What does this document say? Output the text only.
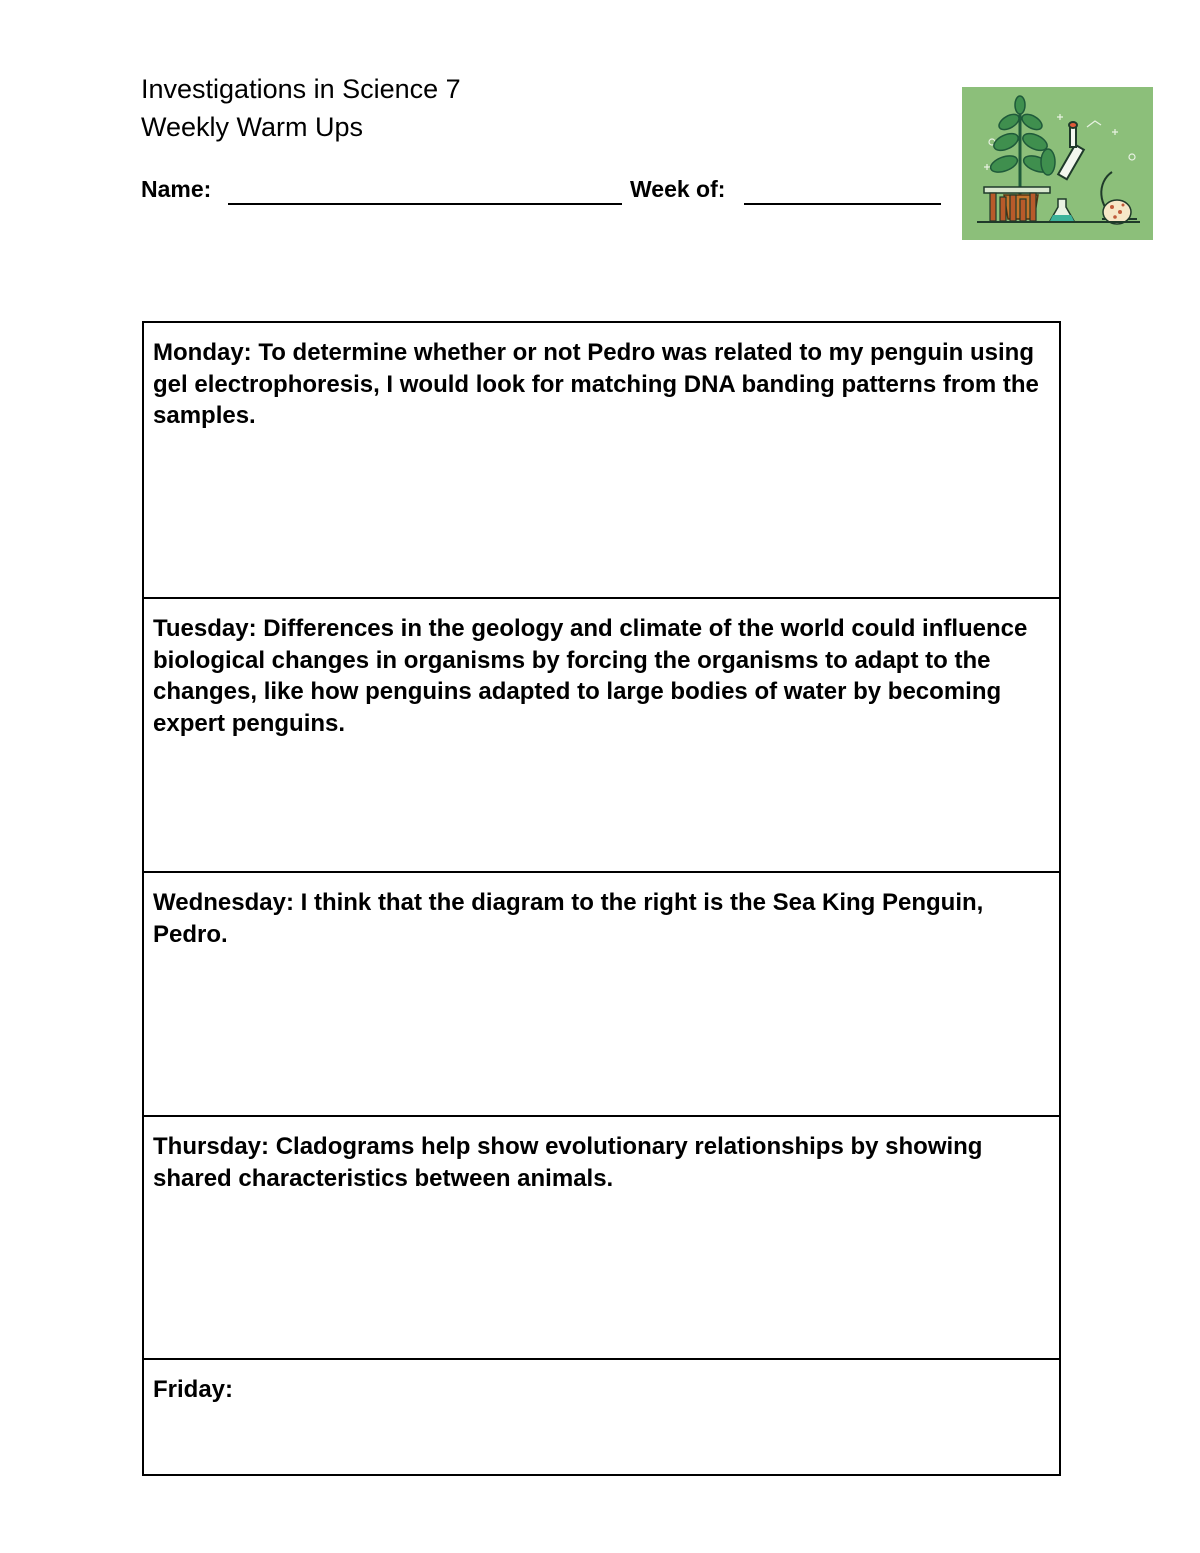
Investigations in Science 7
Weekly Warm Ups
Name:	Week of:
Monday: To determine whether or not Pedro was related to my penguin using gel electrophoresis, I would look for matching DNA banding patterns from the samples.
Tuesday: Differences in the geology and climate of the world could influence biological changes in organisms by forcing the organisms to adapt to the changes, like how penguins adapted to large bodies of water by becoming expert penguins.
Wednesday: I think that the diagram to the right is the Sea King Penguin, Pedro.
Thursday: Cladograms help show evolutionary relationships by showing shared characteristics between animals.
Friday:
